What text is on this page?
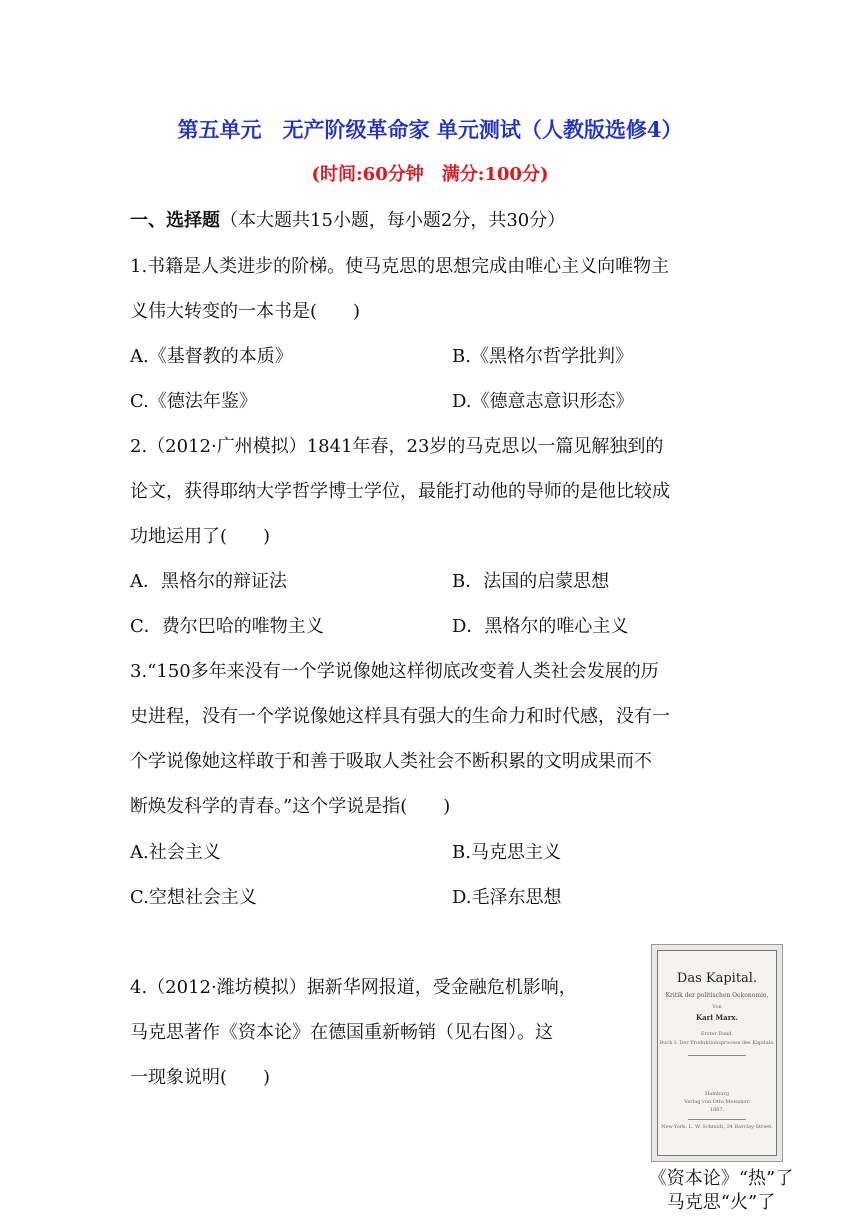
第五单元　无产阶级革命家 单元测试（人教版选修4）
(时间:60分钟　满分:100分)
一、选择题（本大题共15小题，每小题2分，共30分）
1.书籍是人类进步的阶梯。使马克思的思想完成由唯心主义向唯物主
义伟大转变的一本书是(　　)
A.《基督教的本质》	B.《黑格尔哲学批判》
C.《德法年鉴》	D.《德意志意识形态》
2.（2012·广州模拟）1841年春，23岁的马克思以一篇见解独到的
论文，获得耶纳大学哲学博士学位，最能打动他的导师的是他比较成
功地运用了(　　)
A．黑格尔的辩证法	B．法国的启蒙思想
C．费尔巴哈的唯物主义	D．黑格尔的唯心主义
3.“150多年来没有一个学说像她这样彻底改变着人类社会发展的历
史进程，没有一个学说像她这样具有强大的生命力和时代感，没有一
个学说像她这样敢于和善于吸取人类社会不断积累的文明成果而不
断焕发科学的青春。”这个学说是指(　　)
A.社会主义	B.马克思主义
C.空想社会主义	D.毛泽东思想
4.（2012·潍坊模拟）据新华网报道，受金融危机影响，
马克思著作《资本论》在德国重新畅销（见右图）。这
一现象说明(　　)
Das Kapital.
Kritik der politischen Oekonomie.
Von
Karl Marx.
Erster Band.
Buch I: Der Produktionsprocess des Kapitals.
Hamburg
Verlag von Otto Meissner.
1867.
New-York: L. W. Schmidt, 24 Barclay-Street.
《资本论》“热”了
马克思“火”了
